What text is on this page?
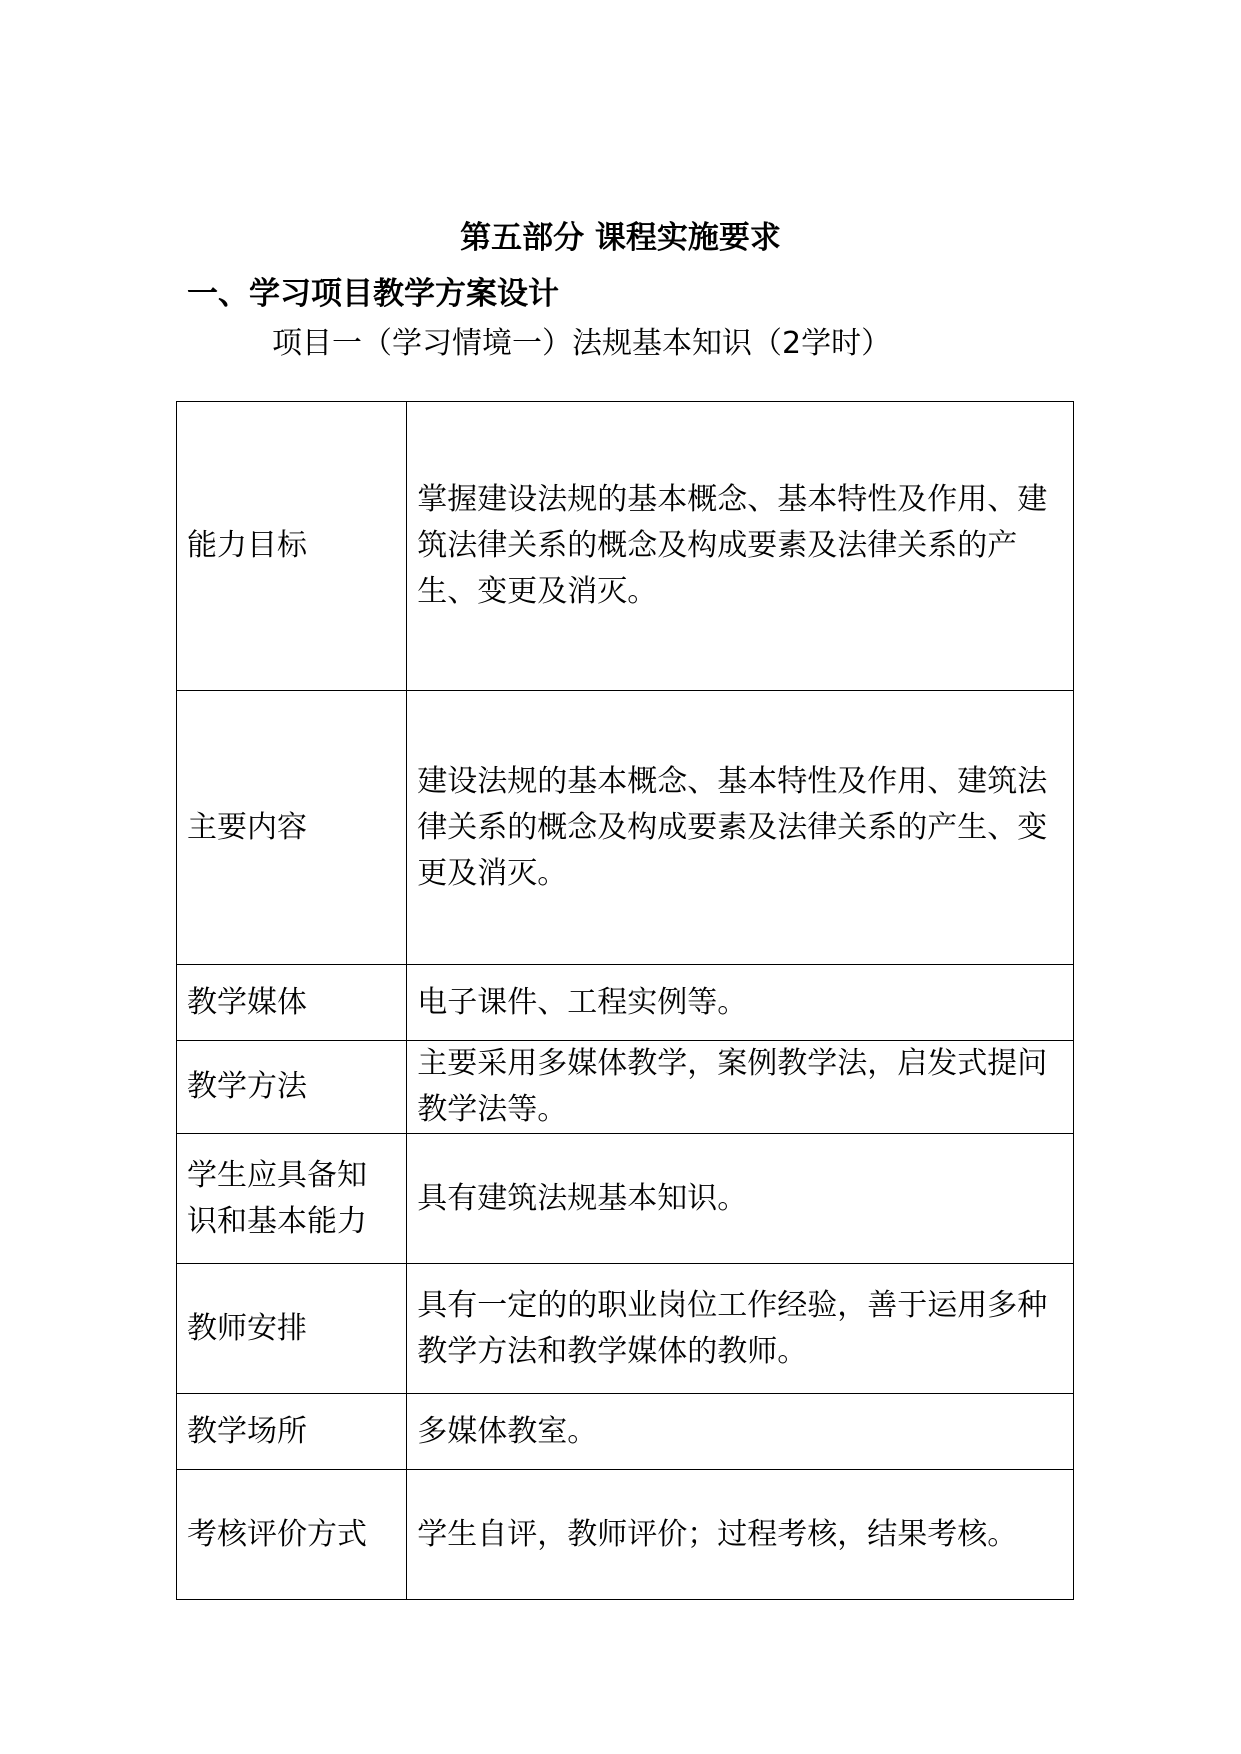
第五部分 课程实施要求
一、学习项目教学方案设计

项目一（学习情境一）法规基本知识（2学时）

能力目标	掌握建设法规的基本概念、基本特性及作用、建筑法律关系的概念及构成要素及法律关系的产生、变更及消灭。
主要内容	建设法规的基本概念、基本特性及作用、建筑法律关系的概念及构成要素及法律关系的产生、变更及消灭。
教学媒体	电子课件、工程实例等。
教学方法	主要采用多媒体教学，案例教学法，启发式提问教学法等。
学生应具备知识和基本能力	具有建筑法规基本知识。
教师安排	具有一定的的职业岗位工作经验，善于运用多种教学方法和教学媒体的教师。
教学场所	多媒体教室。
考核评价方式	学生自评，教师评价；过程考核，结果考核。
